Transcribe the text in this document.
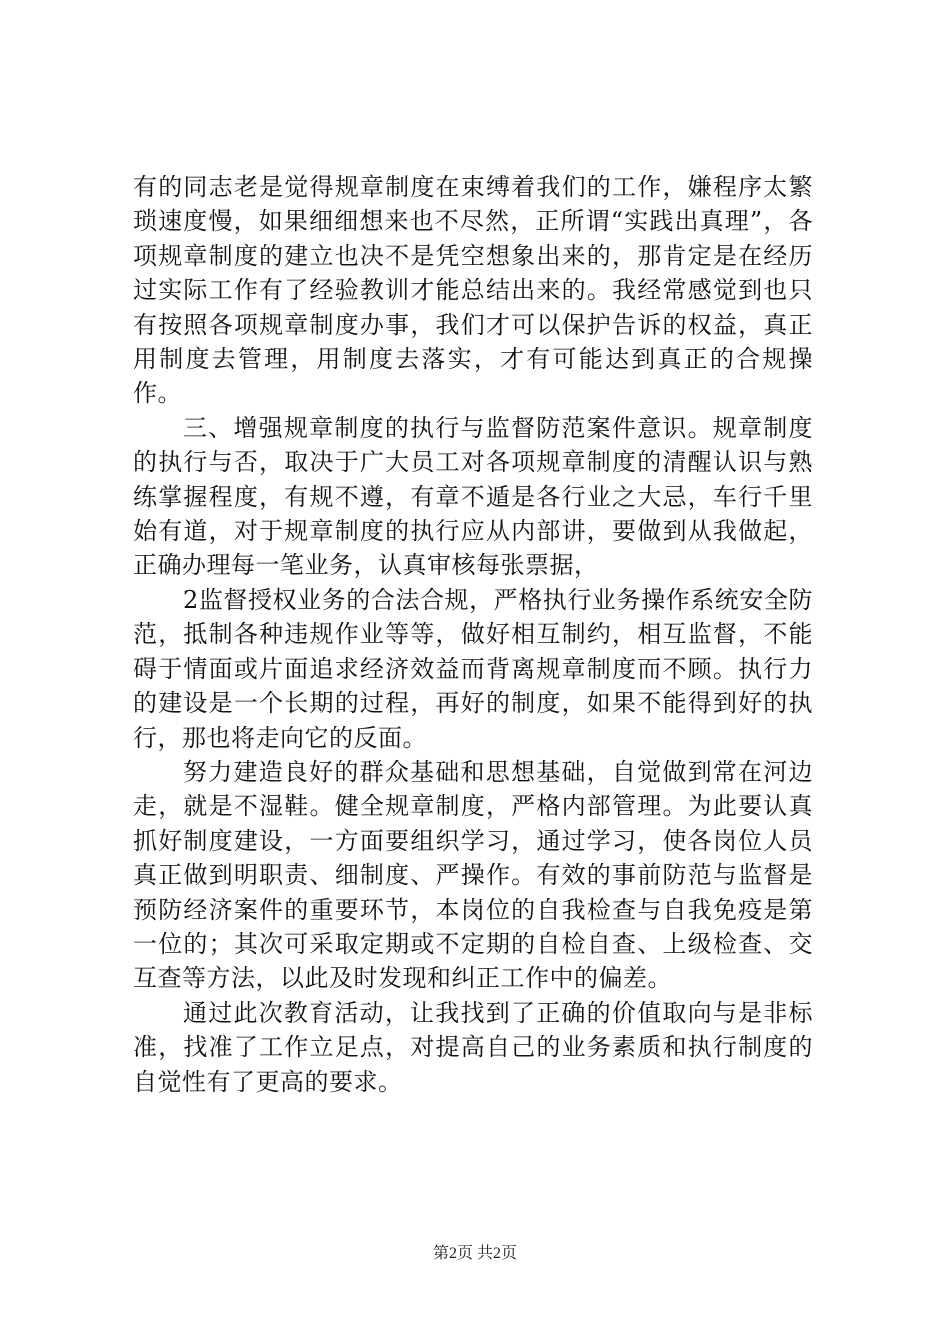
有的同志老是觉得规章制度在束缚着我们的工作，嫌程序太繁琐速度慢，如果细细想来也不尽然，正所谓“实践出真理”，各项规章制度的建立也决不是凭空想象出来的，那肯定是在经历过实际工作有了经验教训才能总结出来的。我经常感觉到也只有按照各项规章制度办事，我们才可以保护告诉的权益，真正用制度去管理，用制度去落实，才有可能达到真正的合规操作。

三、增强规章制度的执行与监督防范案件意识。规章制度的执行与否，取决于广大员工对各项规章制度的清醒认识与熟练掌握程度，有规不遵，有章不遁是各行业之大忌，车行千里始有道，对于规章制度的执行应从内部讲，要做到从我做起，正确办理每一笔业务，认真审核每张票据，

2监督授权业务的合法合规，严格执行业务操作系统安全防范，抵制各种违规作业等等，做好相互制约，相互监督，不能碍于情面或片面追求经济效益而背离规章制度而不顾。执行力的建设是一个长期的过程，再好的制度，如果不能得到好的执行，那也将走向它的反面。

努力建造良好的群众基础和思想基础，自觉做到常在河边走，就是不湿鞋。健全规章制度，严格内部管理。为此要认真抓好制度建设，一方面要组织学习，通过学习，使各岗位人员真正做到明职责、细制度、严操作。有效的事前防范与监督是预防经济案件的重要环节，本岗位的自我检查与自我免疫是第一位的；其次可采取定期或不定期的自检自查、上级检查、交互查等方法，以此及时发现和纠正工作中的偏差。

通过此次教育活动，让我找到了正确的价值取向与是非标准，找准了工作立足点，对提高自己的业务素质和执行制度的自觉性有了更高的要求。

第2页 共2页
